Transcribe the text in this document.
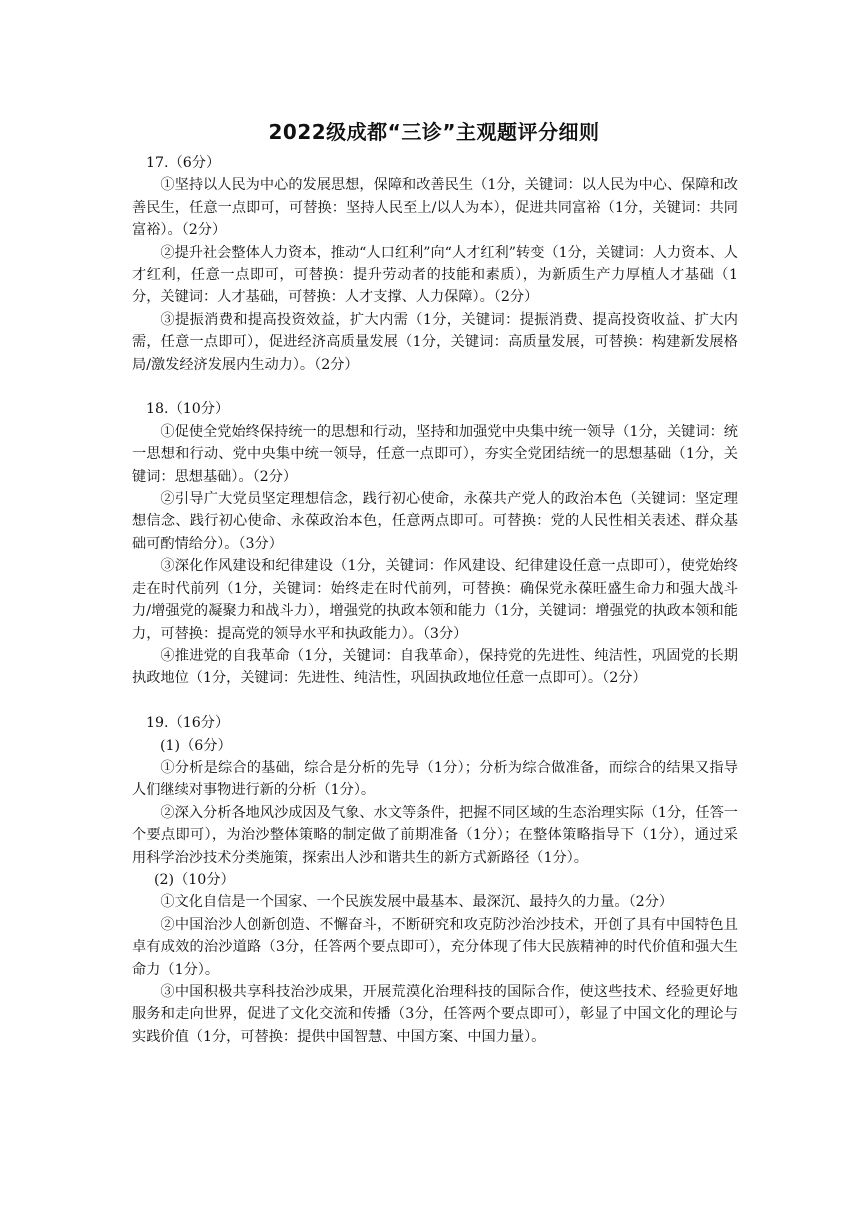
2022级成都“三诊”主观题评分细则

17.（6分）

①坚持以人民为中心的发展思想，保障和改善民生（1分，关键词：以人民为中心、保障和改善民生，任意一点即可，可替换：坚持人民至上/以人为本），促进共同富裕（1分，关键词：共同富裕）。（2分）

②提升社会整体人力资本，推动“人口红利”向“人才红利”转变（1分，关键词：人力资本、人才红利，任意一点即可，可替换：提升劳动者的技能和素质），为新质生产力厚植人才基础（1分，关键词：人才基础，可替换：人才支撑、人力保障）。（2分）

③提振消费和提高投资效益，扩大内需（1分，关键词：提振消费、提高投资收益、扩大内需，任意一点即可），促进经济高质量发展（1分，关键词：高质量发展，可替换：构建新发展格局/激发经济发展内生动力）。（2分）

18.（10分）

①促使全党始终保持统一的思想和行动，坚持和加强党中央集中统一领导（1分，关键词：统一思想和行动、党中央集中统一领导，任意一点即可），夯实全党团结统一的思想基础（1分，关键词：思想基础）。（2分）

②引导广大党员坚定理想信念，践行初心使命，永葆共产党人的政治本色（关键词：坚定理想信念、践行初心使命、永葆政治本色，任意两点即可。可替换：党的人民性相关表述、群众基础可酌情给分）。（3分）

③深化作风建设和纪律建设（1分，关键词：作风建设、纪律建设任意一点即可），使党始终走在时代前列（1分，关键词：始终走在时代前列，可替换：确保党永葆旺盛生命力和强大战斗力/增强党的凝聚力和战斗力），增强党的执政本领和能力（1分，关键词：增强党的执政本领和能力，可替换：提高党的领导水平和执政能力）。（3分）

④推进党的自我革命（1分，关键词：自我革命），保持党的先进性、纯洁性，巩固党的长期执政地位（1分，关键词：先进性、纯洁性，巩固执政地位任意一点即可）。（2分）

19.（16分）

(1)（6分）

①分析是综合的基础，综合是分析的先导（1分）；分析为综合做准备，而综合的结果又指导人们继续对事物进行新的分析（1分）。

②深入分析各地风沙成因及气象、水文等条件，把握不同区域的生态治理实际（1分，任答一个要点即可），为治沙整体策略的制定做了前期准备（1分）；在整体策略指导下（1分），通过采用科学治沙技术分类施策，探索出人沙和谐共生的新方式新路径（1分）。

(2)（10分）

①文化自信是一个国家、一个民族发展中最基本、最深沉、最持久的力量。（2分）

②中国治沙人创新创造、不懈奋斗，不断研究和攻克防沙治沙技术，开创了具有中国特色且卓有成效的治沙道路（3分，任答两个要点即可），充分体现了伟大民族精神的时代价值和强大生命力（1分）。

③中国积极共享科技治沙成果，开展荒漠化治理科技的国际合作，使这些技术、经验更好地服务和走向世界，促进了文化交流和传播（3分，任答两个要点即可），彰显了中国文化的理论与实践价值（1分，可替换：提供中国智慧、中国方案、中国力量）。
